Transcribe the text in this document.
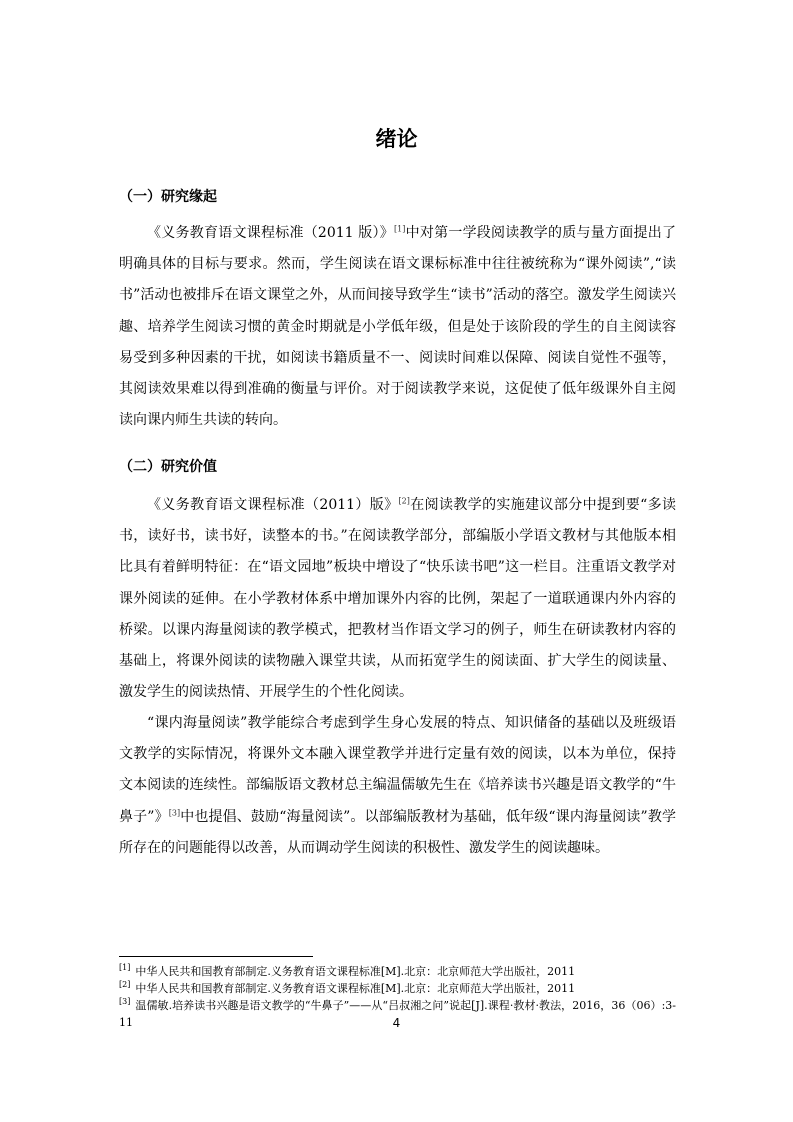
绪论
（一）研究缘起

《义务教育语文课程标准（2011 版）》[1]中对第一学段阅读教学的质与量方面提出了明确具体的目标与要求。然而，学生阅读在语文课标标准中往往被统称为“课外阅读”,“读书”活动也被排斥在语文课堂之外，从而间接导致学生“读书”活动的落空。激发学生阅读兴趣、培养学生阅读习惯的黄金时期就是小学低年级，但是处于该阶段的学生的自主阅读容易受到多种因素的干扰，如阅读书籍质量不一、阅读时间难以保障、阅读自觉性不强等，其阅读效果难以得到准确的衡量与评价。对于阅读教学来说，这促使了低年级课外自主阅读向课内师生共读的转向。

（二）研究价值

《义务教育语文课程标准（2011）版》[2]在阅读教学的实施建议部分中提到要“多读书，读好书，读书好，读整本的书。”在阅读教学部分，部编版小学语文教材与其他版本相比具有着鲜明特征：在“语文园地”板块中增设了“快乐读书吧”这一栏目。注重语文教学对课外阅读的延伸。在小学教材体系中增加课外内容的比例，架起了一道联通课内外内容的桥梁。以课内海量阅读的教学模式，把教材当作语文学习的例子，师生在研读教材内容的基础上，将课外阅读的读物融入课堂共读，从而拓宽学生的阅读面、扩大学生的阅读量、激发学生的阅读热情、开展学生的个性化阅读。

“课内海量阅读”教学能综合考虑到学生身心发展的特点、知识储备的基础以及班级语文教学的实际情况，将课外文本融入课堂教学并进行定量有效的阅读，以本为单位，保持文本阅读的连续性。部编版语文教材总主编温儒敏先生在《培养读书兴趣是语文教学的“牛鼻子”》[3]中也提倡、鼓励“海量阅读”。以部编版教材为基础，低年级“课内海量阅读”教学所存在的问题能得以改善，从而调动学生阅读的积极性、激发学生的阅读趣味。

[1] 中华人民共和国教育部制定.义务教育语文课程标准[M].北京：北京师范大学出版社，2011
[2] 中华人民共和国教育部制定.义务教育语文课程标准[M].北京：北京师范大学出版社，2011
[3] 温儒敏.培养读书兴趣是语文教学的“牛鼻子”——从“吕叔湘之问”说起[J].课程·教材·教法，2016，36（06）:3-11	4
